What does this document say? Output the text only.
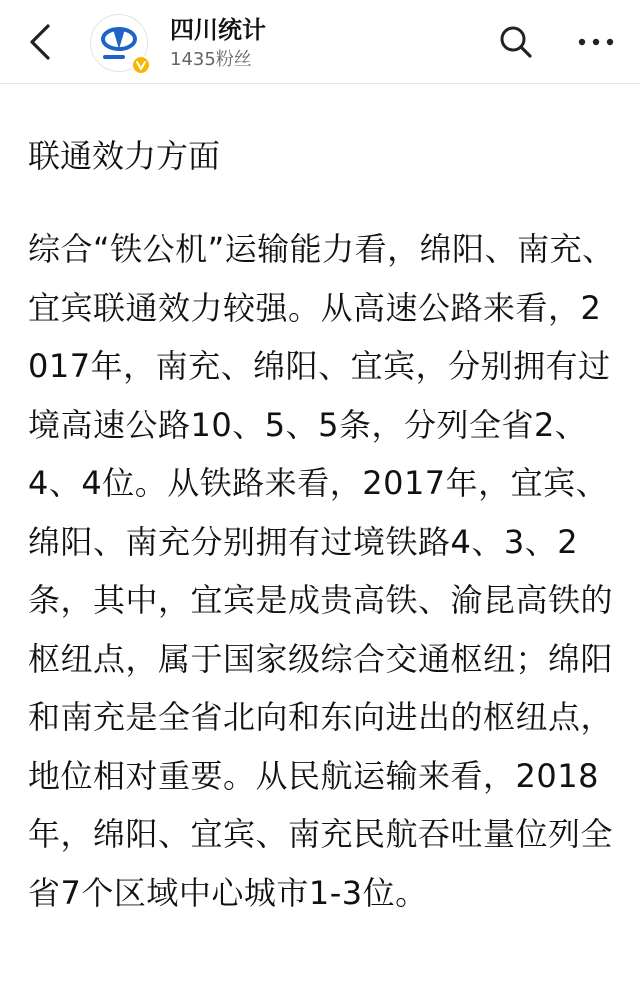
四川统计
1435粉丝
联通效力方面

综合“铁公机”运输能力看，绵阳、南充、宜宾联通效力较强。从高速公路来看，2017年，南充、绵阳、宜宾，分别拥有过境高速公路10、5、5条，分列全省2、4、4位。从铁路来看，2017年，宜宾、绵阳、南充分别拥有过境铁路4、3、2条，其中，宜宾是成贵高铁、渝昆高铁的枢纽点，属于国家级综合交通枢纽；绵阳和南充是全省北向和东向进出的枢纽点，地位相对重要。从民航运输来看，2018年，绵阳、宜宾、南充民航吞吐量位列全省7个区域中心城市1-3位。
